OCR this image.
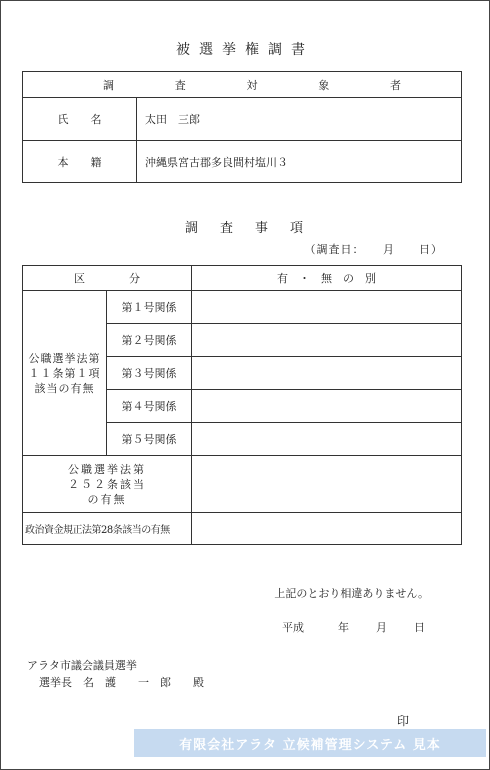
被選挙権調書
調 査 対 象 者	

氏　　名	太田　三郎
本　　籍	沖縄県宮古郡多良間村塩川３
調査事項
（調査日：　　月　　日）
区　　　　分		有　・　無　の　別
公職選挙法第１１条第１項該当の有無	第１号関係	
	第２号関係	
	第３号関係	
	第４号関係	
	第５号関係	
公職選挙法第２５２条該当の有無		
政治資金規正法第28条該当の有無		
上記のとおり相違ありません。
平成	年 月 日
アラタ市議会議員選挙
選挙長　名　護　　一　郎　　殿
印
有限会社アラタ 立候補管理システム 見本
